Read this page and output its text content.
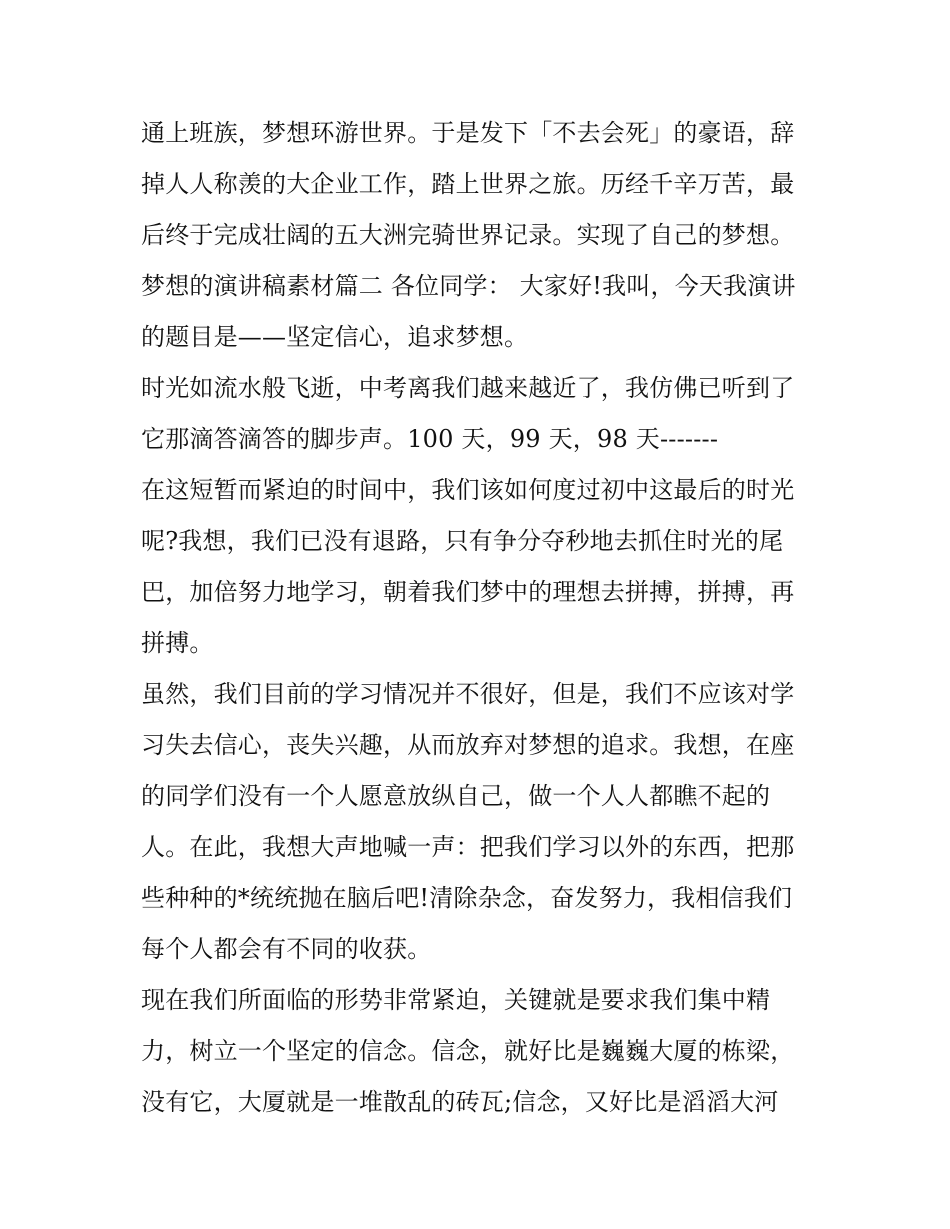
通上班族，梦想环游世界。于是发下「不去会死」的豪语，辞
掉人人称羡的大企业工作，踏上世界之旅。历经千辛万苦，最
后终于完成壮阔的五大洲完骑世界记录。实现了自己的梦想。
梦想的演讲稿素材篇二 各位同学： 大家好!我叫，今天我演讲
的题目是——坚定信心，追求梦想。
时光如流水般飞逝，中考离我们越来越近了，我仿佛已听到了
它那滴答滴答的脚步声。100 天，99 天，98 天-------
在这短暂而紧迫的时间中，我们该如何度过初中这最后的时光
呢?我想，我们已没有退路，只有争分夺秒地去抓住时光的尾
巴，加倍努力地学习，朝着我们梦中的理想去拼搏，拼搏，再
拼搏。
虽然，我们目前的学习情况并不很好，但是，我们不应该对学
习失去信心，丧失兴趣，从而放弃对梦想的追求。我想，在座
的同学们没有一个人愿意放纵自己，做一个人人都瞧不起的
人。在此，我想大声地喊一声：把我们学习以外的东西，把那
些种种的*统统抛在脑后吧!清除杂念，奋发努力，我相信我们
每个人都会有不同的收获。
现在我们所面临的形势非常紧迫，关键就是要求我们集中精
力，树立一个坚定的信念。信念，就好比是巍巍大厦的栋梁，
没有它，大厦就是一堆散乱的砖瓦;信念，又好比是滔滔大河
